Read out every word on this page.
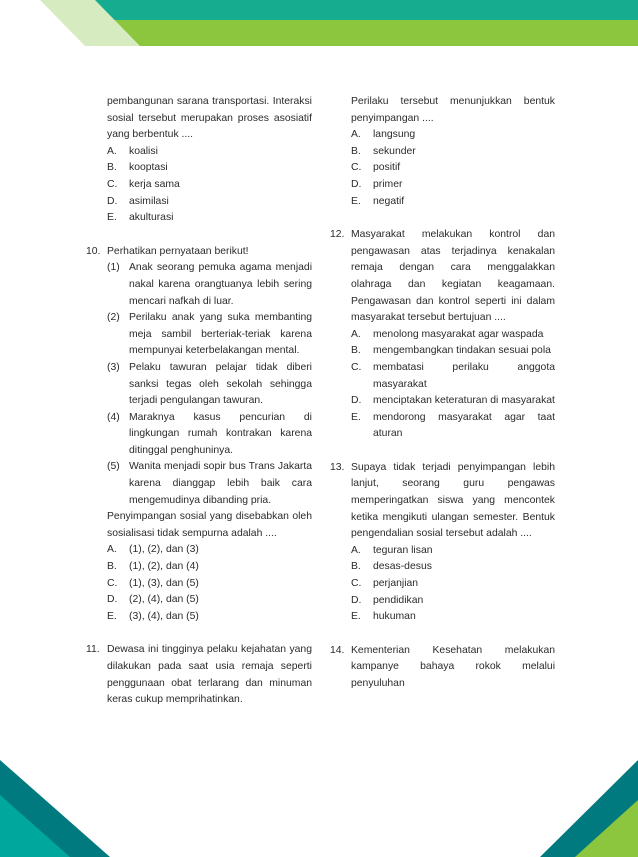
pembangunan sarana transportasi. Interaksi sosial tersebut merupakan proses asosiatif yang berbentuk ....

A.	koalisi
B.	kooptasi
C.	kerja sama
D.	asimilasi
E.	akulturasi
10. Perhatikan pernyataan berikut!
(1) Anak seorang pemuka agama menjadi nakal karena orangtuanya lebih sering mencari nafkah di luar.
(2) Perilaku anak yang suka membanting meja sambil berteriak-teriak karena mempunyai keterbelakangan mental.
(3) Pelaku tawuran pelajar tidak diberi sanksi tegas oleh sekolah sehingga terjadi pengulangan tawuran.
(4) Maraknya kasus pencurian di lingkungan rumah kontrakan karena ditinggal penghuninya.
(5) Wanita menjadi sopir bus Trans Jakarta karena dianggap lebih baik cara mengemudinya dibanding pria.

Penyimpangan sosial yang disebabkan oleh sosialisasi tidak sempurna adalah ....

A.	(1), (2), dan (3)
B.	(1), (2), dan (4)
C.	(1), (3), dan (5)
D.	(2), (4), dan (5)
E.	(3), (4), dan (5)
11. Dewasa ini tingginya pelaku kejahatan yang dilakukan pada saat usia remaja seperti penggunaan obat terlarang dan minuman keras cukup memprihatinkan.

Perilaku tersebut menunjukkan bentuk penyimpangan ....

A.	langsung
B.	sekunder
C.	positif
D.	primer
E.	negatif
12. Masyarakat melakukan kontrol dan pengawasan atas terjadinya kenakalan remaja dengan cara menggalakkan olahraga dan kegiatan keagamaan. Pengawasan dan kontrol seperti ini dalam masyarakat tersebut bertujuan ....
A.	menolong masyarakat agar waspada
B.	mengembangkan tindakan sesuai pola
C.	membatasi perilaku anggota masyarakat
D.	menciptakan keteraturan di masyarakat
E.	mendorong masyarakat agar taat aturan
13. Supaya tidak terjadi penyimpangan lebih lanjut, seorang guru pengawas memperingatkan siswa yang mencontek ketika mengikuti ulangan semester. Bentuk pengendalian sosial tersebut adalah ....
A.	teguran lisan
B.	desas-desus
C.	perjanjian
D.	pendidikan
E.	hukuman
14. Kementerian Kesehatan melakukan kampanye bahaya rokok melalui penyuluhan
